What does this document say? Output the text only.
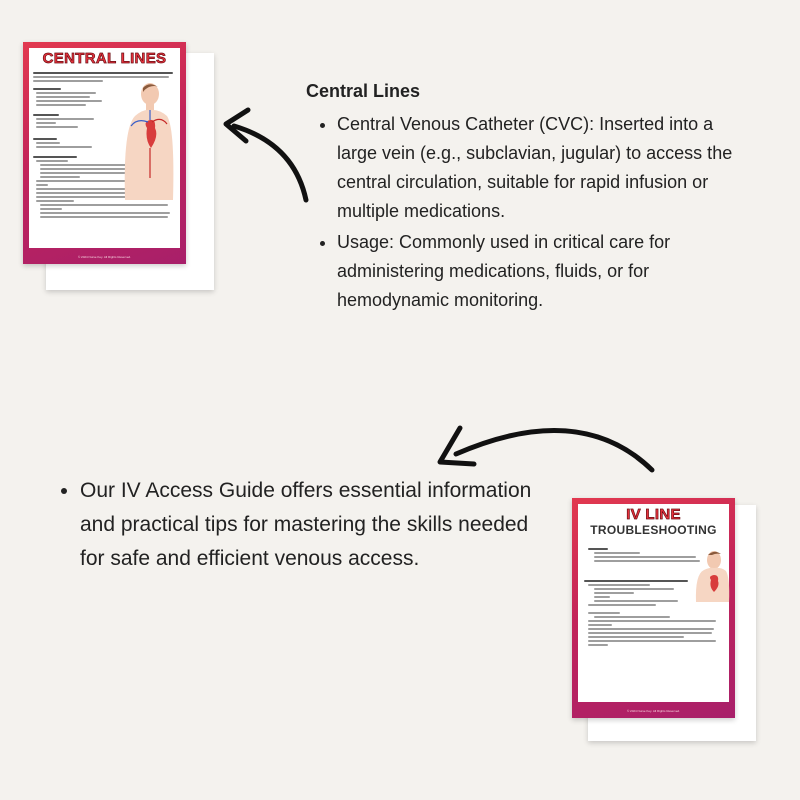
CENTRAL LINES
© 2024 Nurse Key. All Rights Reserved.
Central Lines
• Central Venous Catheter (CVC): Inserted into a large vein (e.g., subclavian, jugular) to access the central circulation, suitable for rapid infusion or multiple medications.
• Usage: Commonly used in critical care for administering medications, fluids, or for hemodynamic monitoring.
• Our IV Access Guide offers essential information and practical tips for mastering the skills needed for safe and efficient venous access.
IV LINE
TROUBLESHOOTING
© 2024 Nurse Key. All Rights Reserved.
